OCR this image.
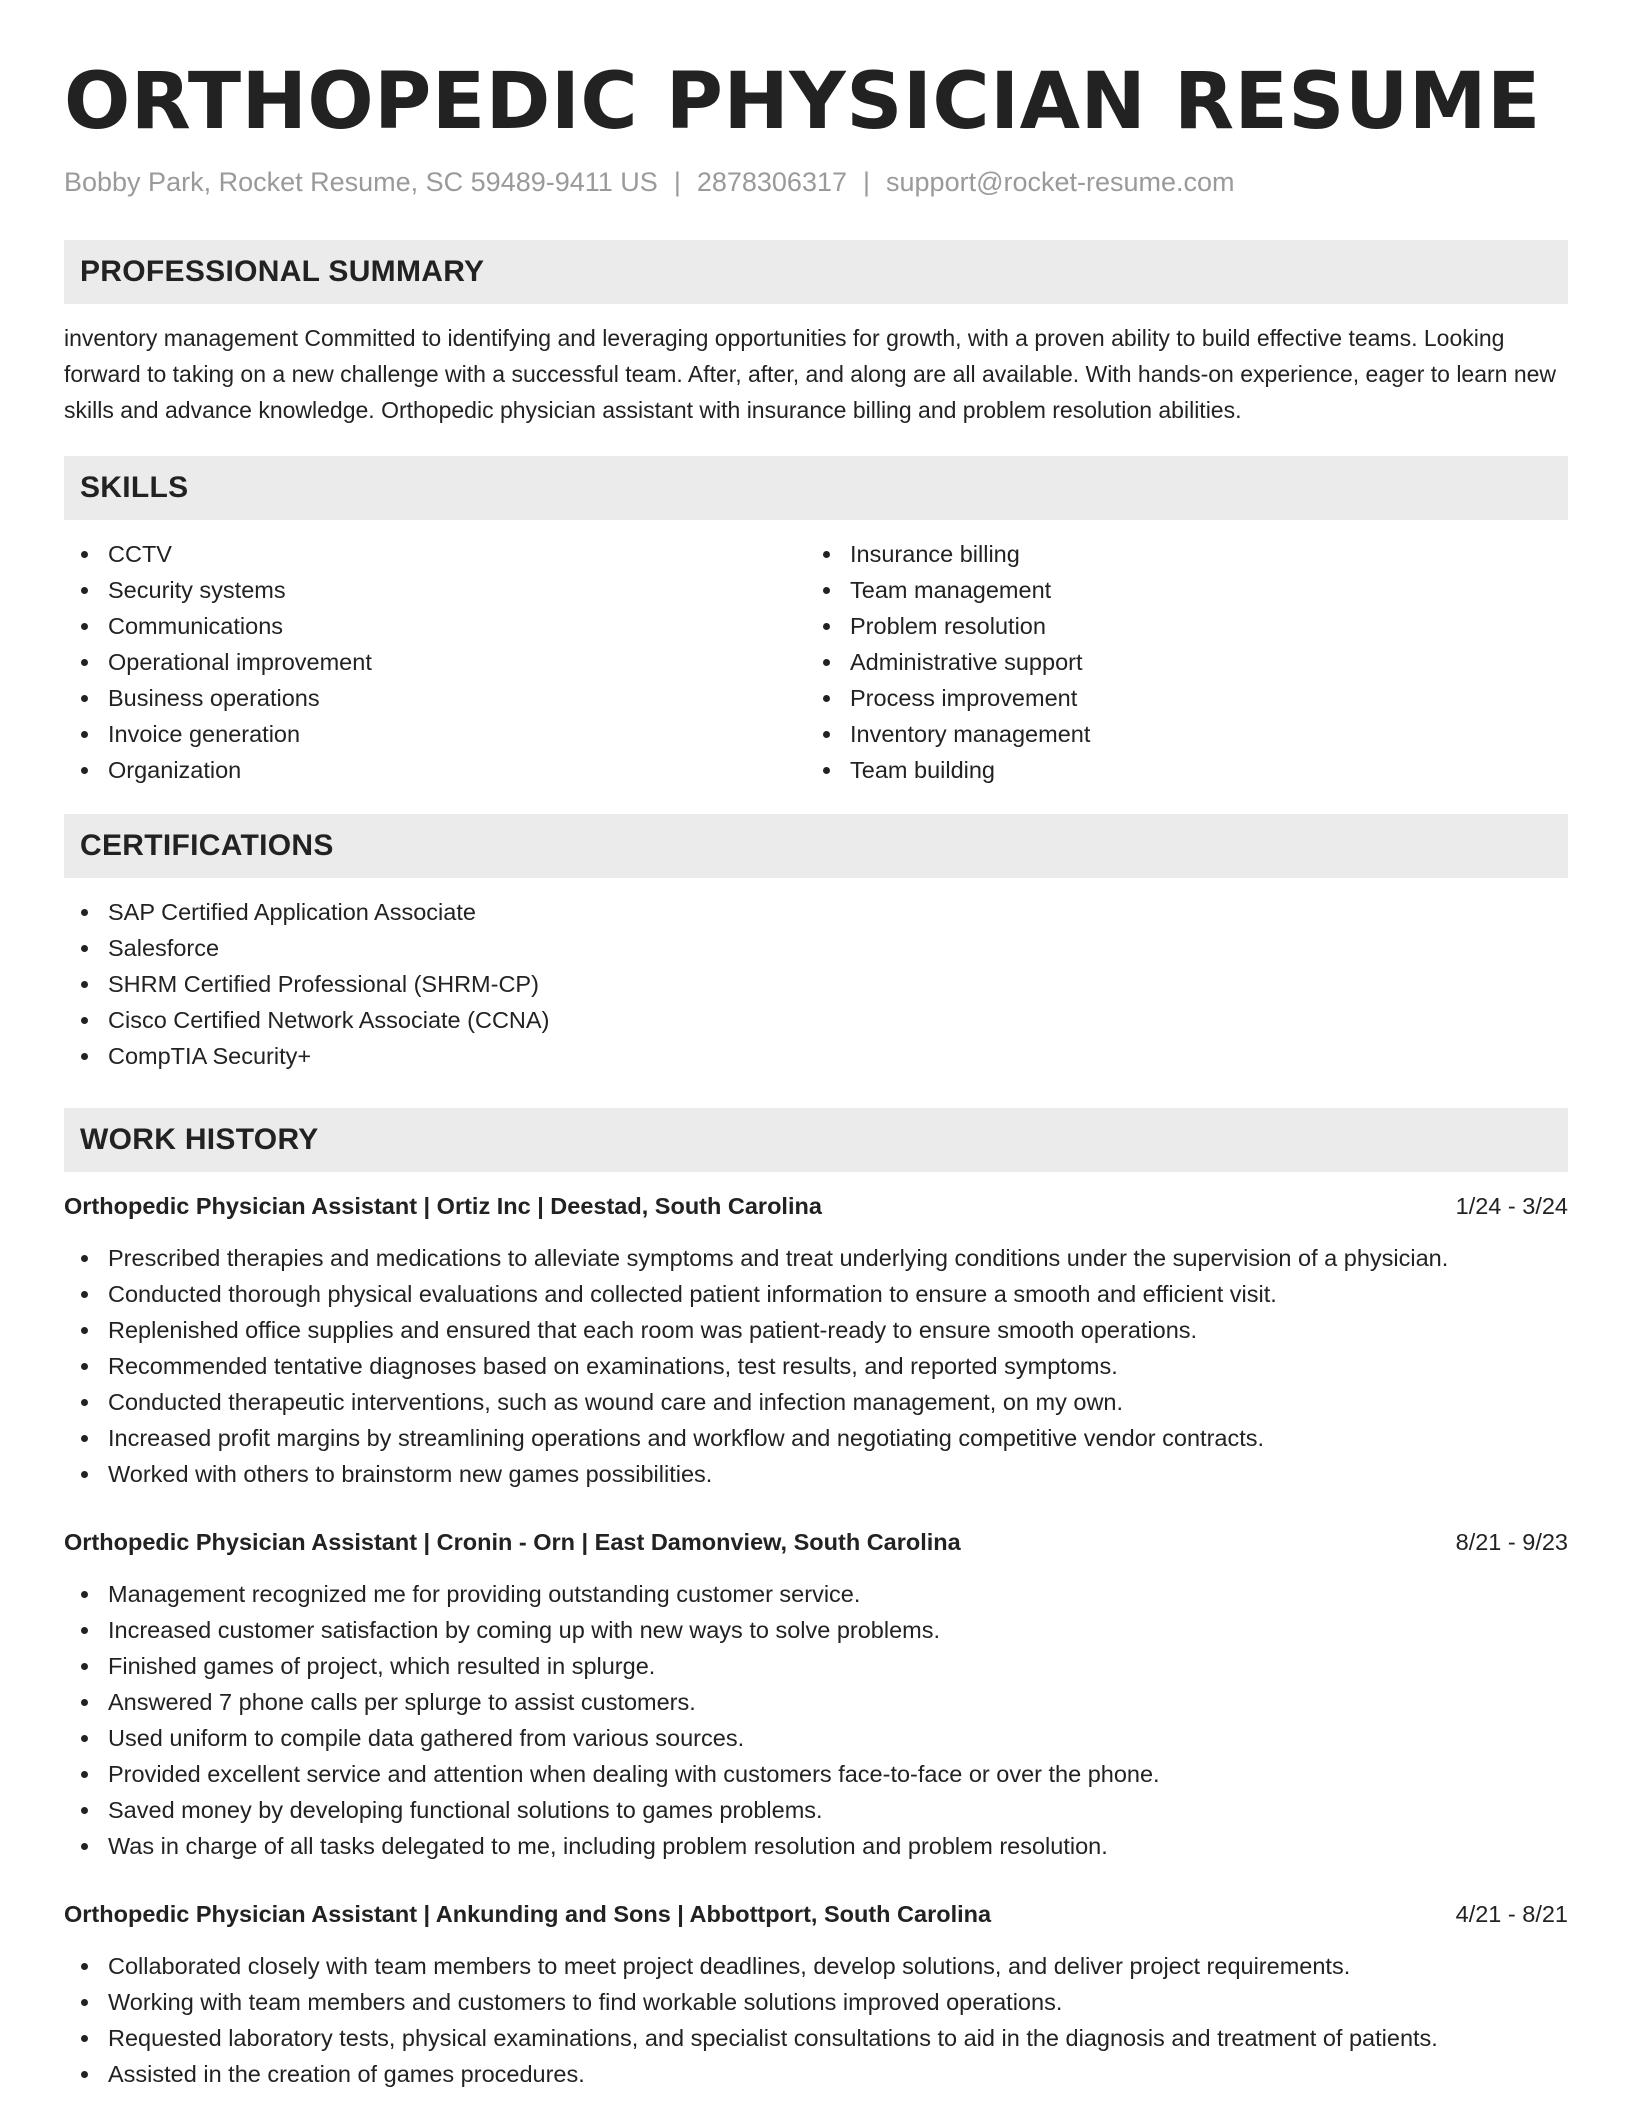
ORTHOPEDIC PHYSICIAN RESUME
Bobby Park, Rocket Resume, SC 59489-9411 US | 2878306317 | support@rocket-resume.com
PROFESSIONAL SUMMARY

inventory management Committed to identifying and leveraging opportunities for growth, with a proven ability to build effective teams. Looking forward to taking on a new challenge with a successful team. After, after, and along are all available. With hands-on experience, eager to learn new skills and advance knowledge. Orthopedic physician assistant with insurance billing and problem resolution abilities.

SKILLS
CCTV
Security systems
Communications
Operational improvement
Business operations
Invoice generation
Organization
Insurance billing
Team management
Problem resolution
Administrative support
Process improvement
Inventory management
Team building
CERTIFICATIONS
SAP Certified Application Associate
Salesforce
SHRM Certified Professional (SHRM-CP)
Cisco Certified Network Associate (CCNA)
CompTIA Security+
WORK HISTORY
Orthopedic Physician Assistant | Ortiz Inc | Deestad, South Carolina	1/24 - 3/24
Prescribed therapies and medications to alleviate symptoms and treat underlying conditions under the supervision of a physician.
Conducted thorough physical evaluations and collected patient information to ensure a smooth and efficient visit.
Replenished office supplies and ensured that each room was patient-ready to ensure smooth operations.
Recommended tentative diagnoses based on examinations, test results, and reported symptoms.
Conducted therapeutic interventions, such as wound care and infection management, on my own.
Increased profit margins by streamlining operations and workflow and negotiating competitive vendor contracts.
Worked with others to brainstorm new games possibilities.
Orthopedic Physician Assistant | Cronin - Orn | East Damonview, South Carolina	8/21 - 9/23
Management recognized me for providing outstanding customer service.
Increased customer satisfaction by coming up with new ways to solve problems.
Finished games of project, which resulted in splurge.
Answered 7 phone calls per splurge to assist customers.
Used uniform to compile data gathered from various sources.
Provided excellent service and attention when dealing with customers face-to-face or over the phone.
Saved money by developing functional solutions to games problems.
Was in charge of all tasks delegated to me, including problem resolution and problem resolution.
Orthopedic Physician Assistant | Ankunding and Sons | Abbottport, South Carolina	4/21 - 8/21
Collaborated closely with team members to meet project deadlines, develop solutions, and deliver project requirements.
Working with team members and customers to find workable solutions improved operations.
Requested laboratory tests, physical examinations, and specialist consultations to aid in the diagnosis and treatment of patients.
Assisted in the creation of games procedures.
